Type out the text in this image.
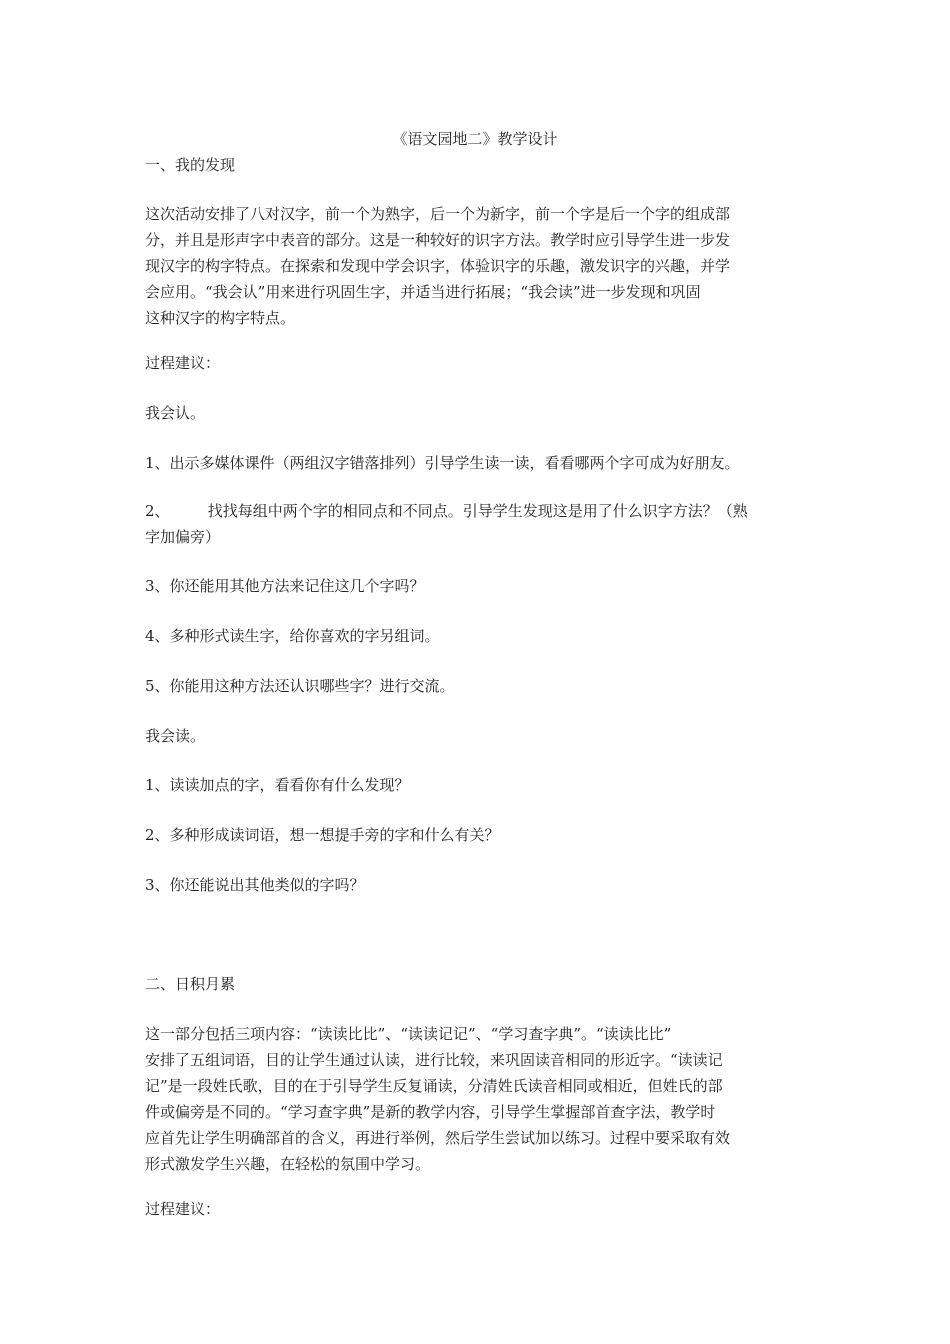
《语文园地二》教学设计
一、我的发现
这次活动安排了八对汉字，前一个为熟字，后一个为新字，前一个字是后一个字的组成部
分，并且是形声字中表音的部分。这是一种较好的识字方法。教学时应引导学生进一步发
现汉字的构字特点。在探索和发现中学会识字，体验识字的乐趣，激发识字的兴趣，并学
会应用。“我会认”用来进行巩固生字，并适当进行拓展；“我会读”进一步发现和巩固
这种汉字的构字特点。
过程建议：
我会认。
1、出示多媒体课件（两组汉字错落排列）引导学生读一读，看看哪两个字可成为好朋友。
2、        找找每组中两个字的相同点和不同点。引导学生发现这是用了什么识字方法？（熟
字加偏旁）
3、你还能用其他方法来记住这几个字吗？
4、多种形式读生字，给你喜欢的字另组词。
5、你能用这种方法还认识哪些字？进行交流。
我会读。
1、读读加点的字，看看你有什么发现？
2、多种形成读词语，想一想提手旁的字和什么有关？
3、你还能说出其他类似的字吗？
二、日积月累
这一部分包括三项内容：“读读比比”、“读读记记”、“学习查字典”。“读读比比”
安排了五组词语，目的让学生通过认读，进行比较，来巩固读音相同的形近字。“读读记
记”是一段姓氏歌，目的在于引导学生反复诵读，分清姓氏读音相同或相近，但姓氏的部
件或偏旁是不同的。“学习查字典”是新的教学内容，引导学生掌握部首查字法，教学时
应首先让学生明确部首的含义，再进行举例，然后学生尝试加以练习。过程中要采取有效
形式激发学生兴趣，在轻松的氛围中学习。
过程建议：
